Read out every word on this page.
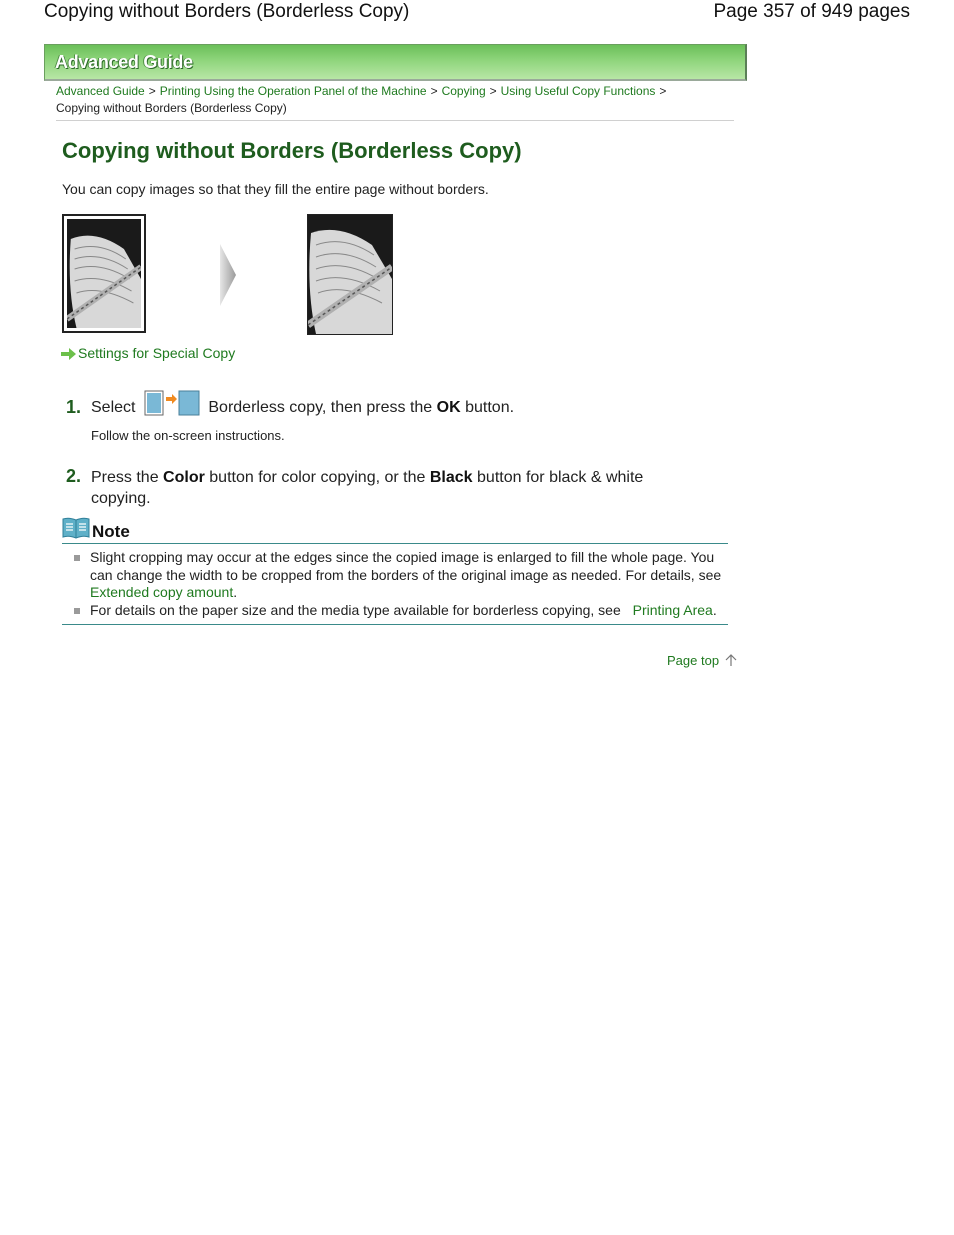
Copying without Borders (Borderless Copy)	Page 357 of 949 pages
Advanced Guide
Advanced Guide > Printing Using the Operation Panel of the Machine > Copying > Using Useful Copy Functions >
Copying without Borders (Borderless Copy)
Copying without Borders (Borderless Copy)
You can copy images so that they fill the entire page without borders.
Settings for Special Copy
1. Select	Borderless copy, then press the OK button.
Follow the on-screen instructions.
2. Press the Color button for color copying, or the Black button for black & white copying.
Note
Slight cropping may occur at the edges since the copied image is enlarged to fill the whole page. You can change the width to be cropped from the borders of the original image as needed. For details, see Extended copy amount.
For details on the paper size and the media type available for borderless copying, see Printing Area.
Page top
